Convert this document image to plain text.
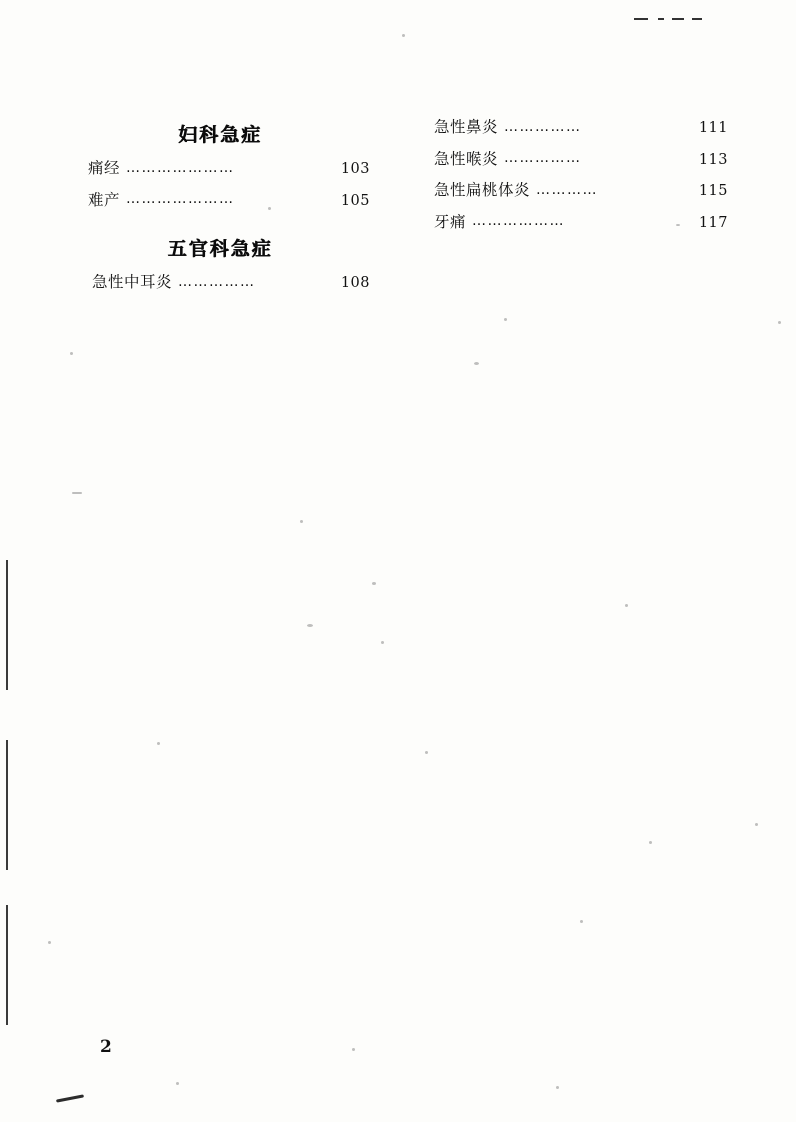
妇科急症
痛经 …………………	103
难产 …………………	105
五官科急症
急性中耳炎 ……………	108
急性鼻炎 ……………	111
急性喉炎 ……………	113
急性扁桃体炎 …………	115
牙痛 ………………	117
2
